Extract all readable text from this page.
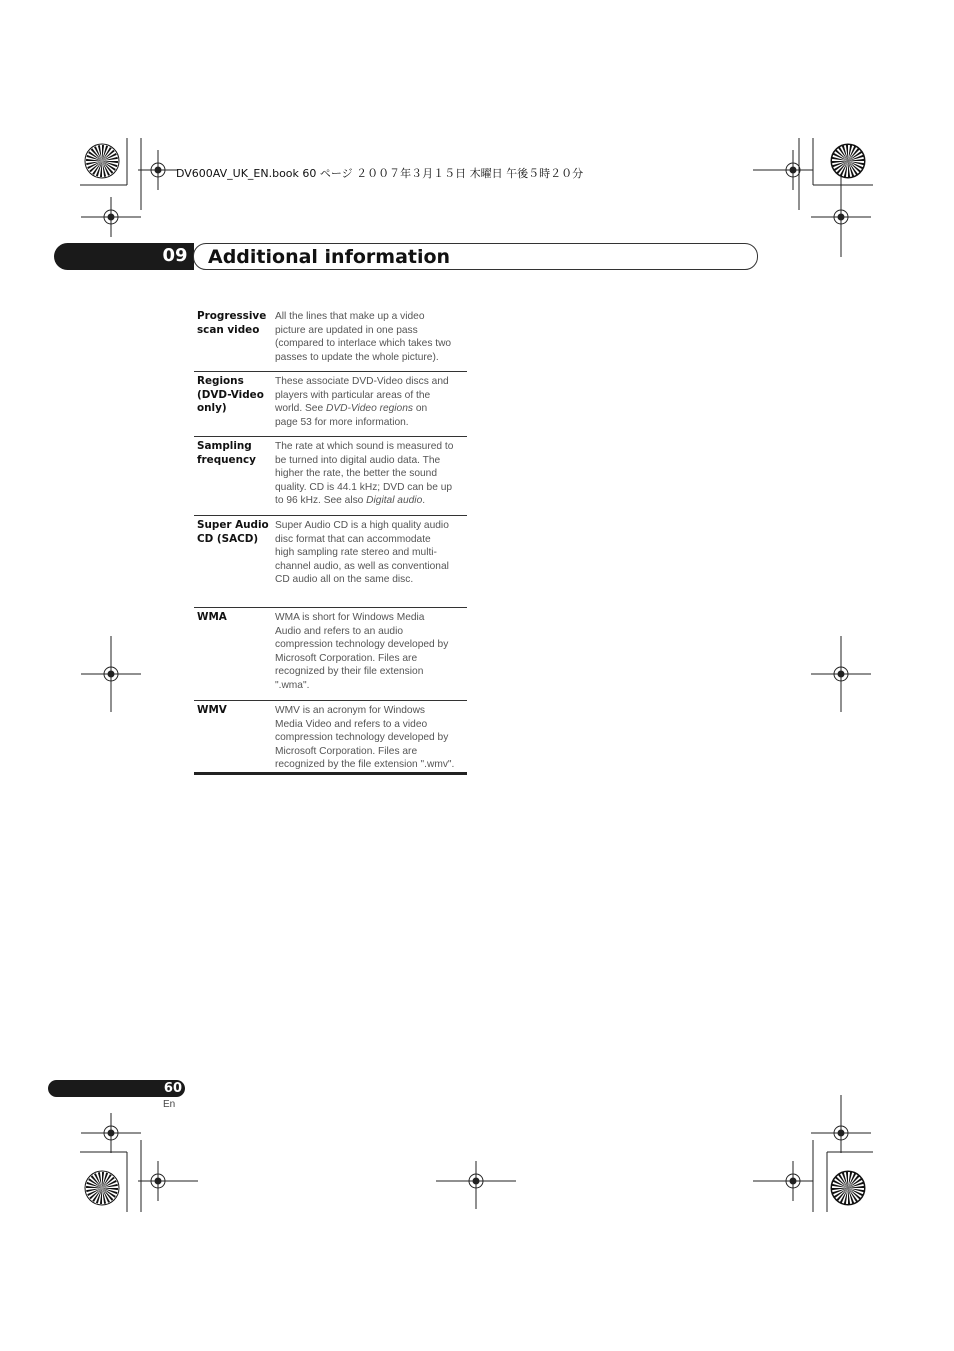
DV600AV_UK_EN.book 60 ページ ２００７年３月１５日 木曜日 午後５時２０分
09 Additional information
Progressive
scan video
All the lines that make up a video
picture are updated in one pass
(compared to interlace which takes two
passes to update the whole picture).
Regions
(DVD-Video
only)
These associate DVD-Video discs and
players with particular areas of the
world. See DVD-Video regions on
page 53 for more information.
Sampling
frequency
The rate at which sound is measured to
be turned into digital audio data. The
higher the rate, the better the sound
quality. CD is 44.1 kHz; DVD can be up
to 96 kHz. See also Digital audio.
Super Audio
CD (SACD)
Super Audio CD is a high quality audio
disc format that can accommodate
high sampling rate stereo and multi-
channel audio, as well as conventional
CD audio all on the same disc.
WMA	WMA is short for Windows Media
Audio and refers to an audio
compression technology developed by
Microsoft Corporation. Files are
recognized by their file extension
".wma".
WMV	WMV is an acronym for Windows
Media Video and refers to a video
compression technology developed by
Microsoft Corporation. Files are
recognized by the file extension ".wmv".
60
En
